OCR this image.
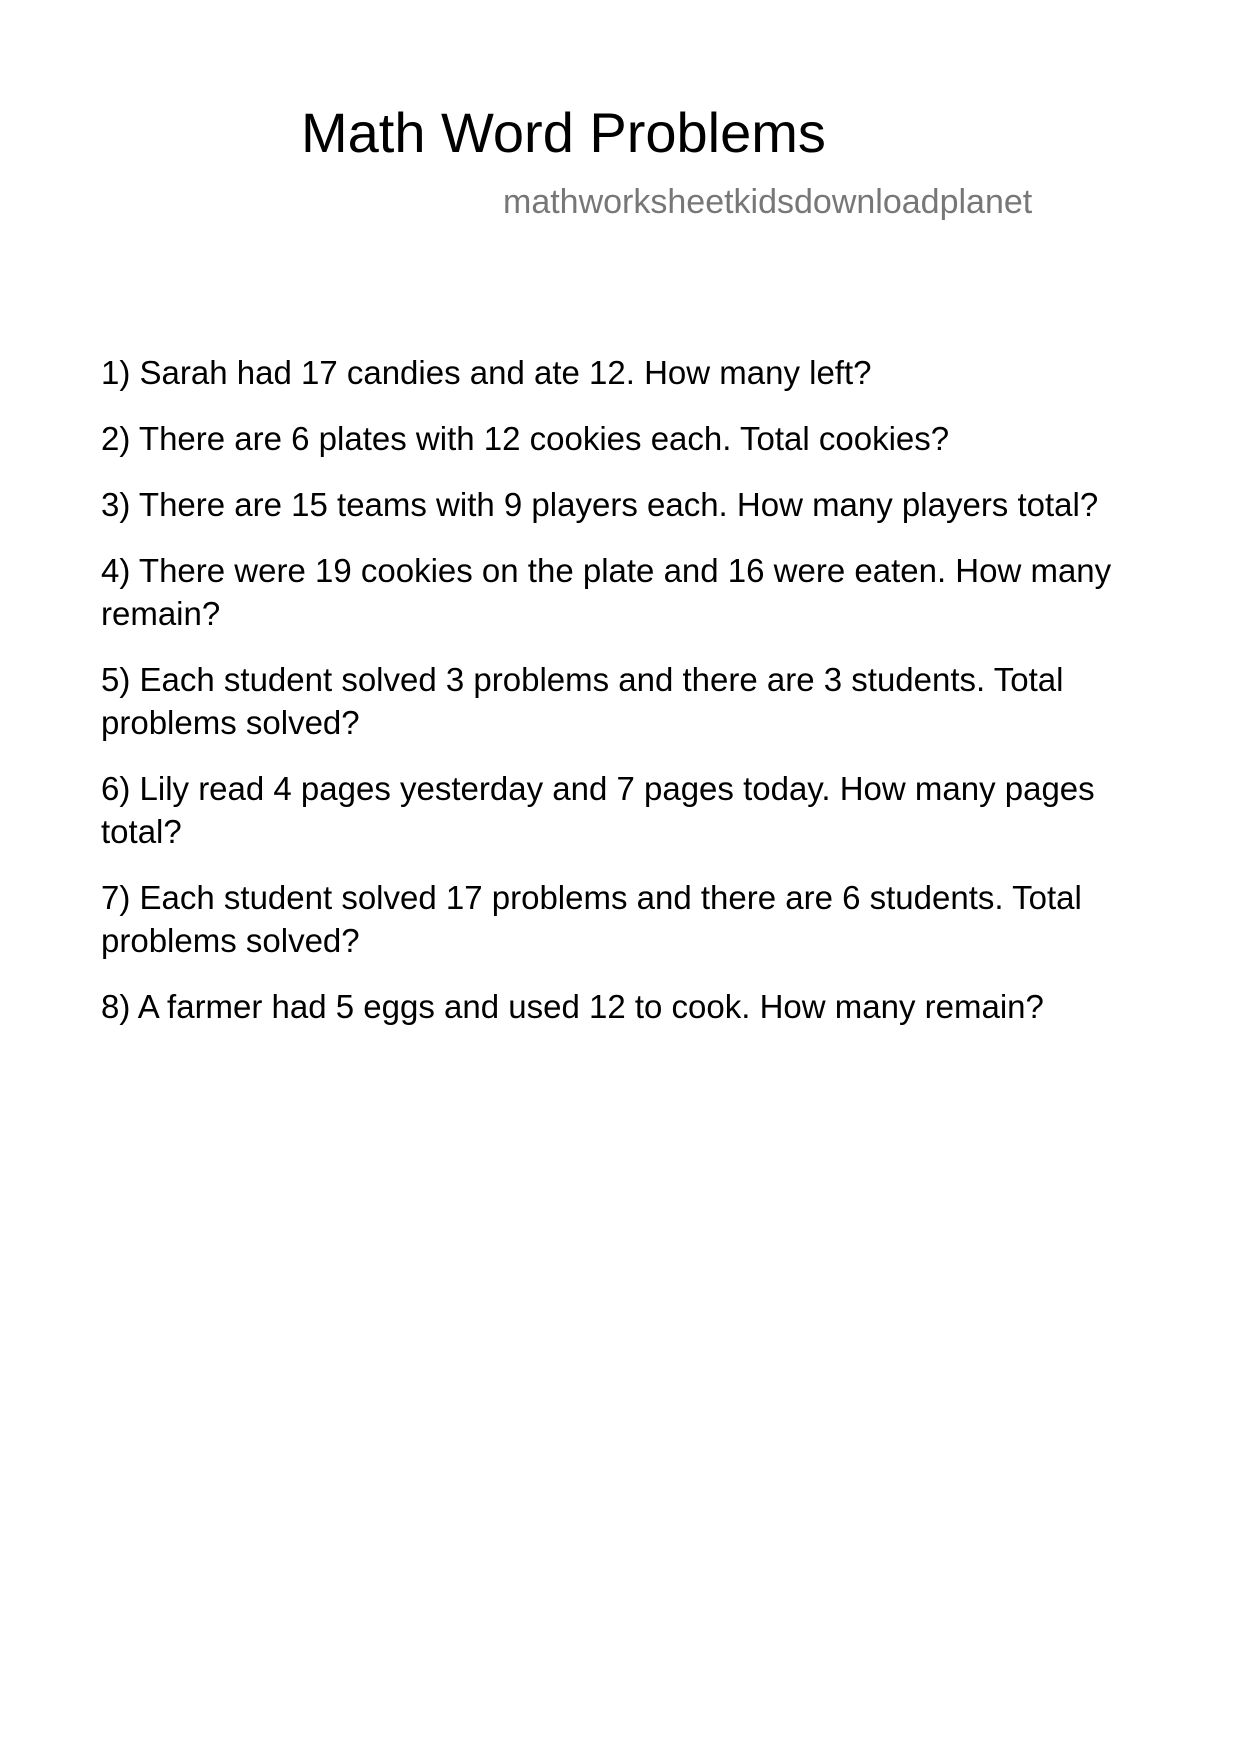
Math Word Problems
mathworksheetkidsdownloadplanet
1) Sarah had 17 candies and ate 12. How many left?
2) There are 6 plates with 12 cookies each. Total cookies?
3) There are 15 teams with 9 players each. How many players total?
4) There were 19 cookies on the plate and 16 were eaten. How many remain?
5) Each student solved 3 problems and there are 3 students. Total problems solved?
6) Lily read 4 pages yesterday and 7 pages today. How many pages total?
7) Each student solved 17 problems and there are 6 students. Total problems solved?
8) A farmer had 5 eggs and used 12 to cook. How many remain?
